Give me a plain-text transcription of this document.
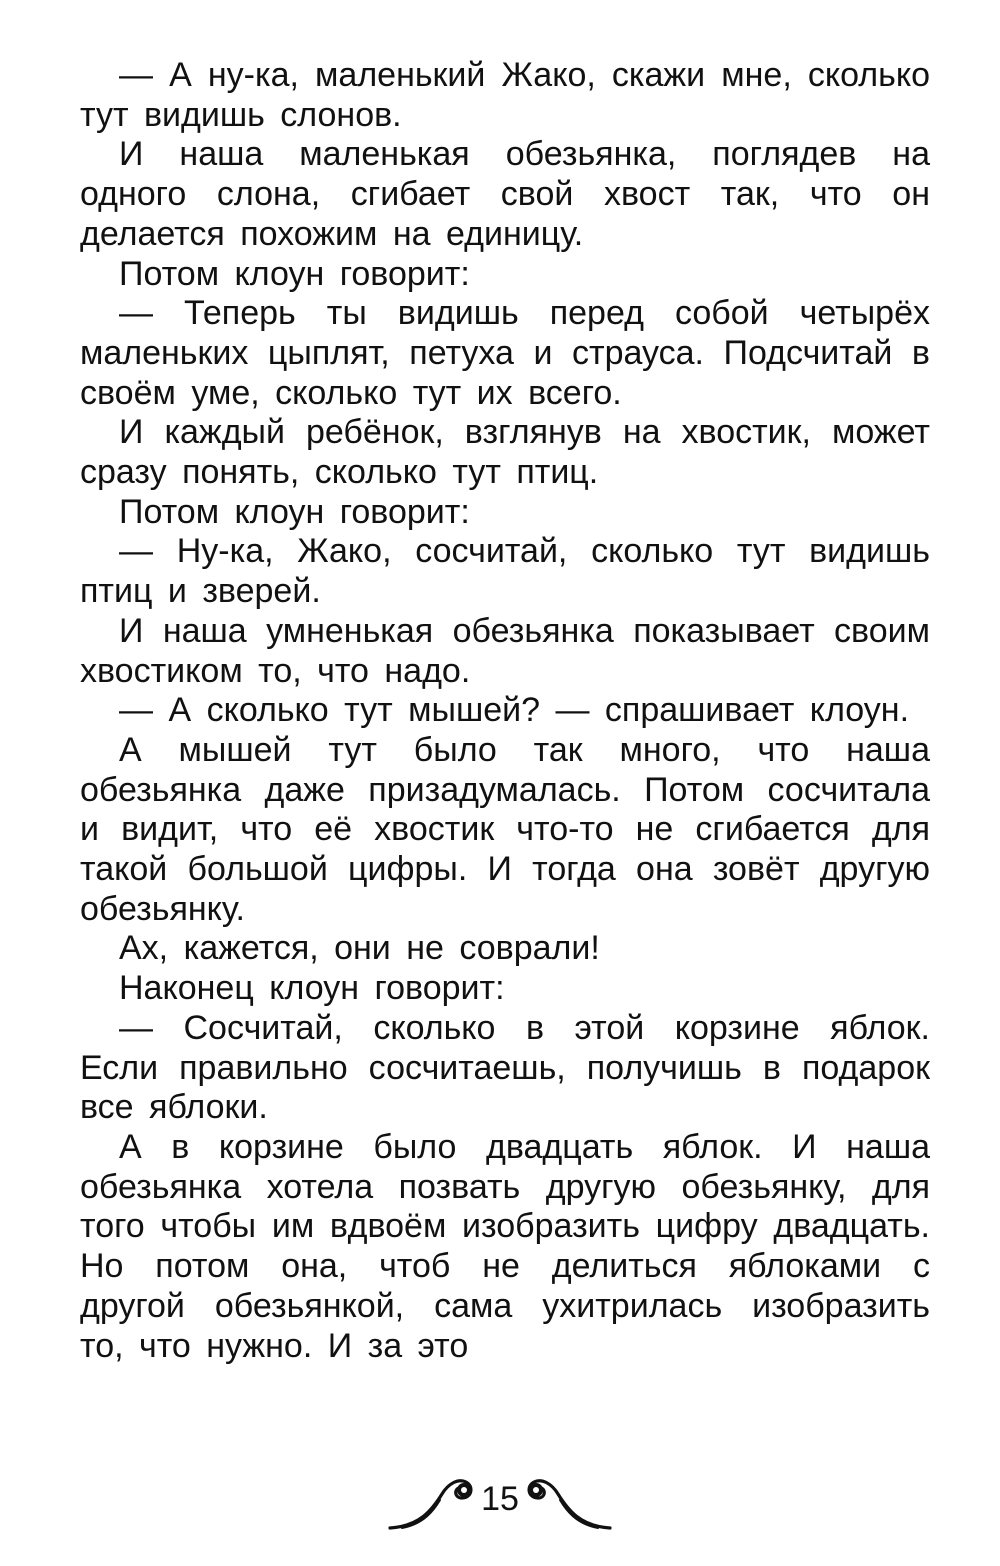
— А ну-ка, маленький Жако, скажи мне, сколько тут видишь слонов.

И наша маленькая обезьянка, поглядев на одного слона, сгибает свой хвост так, что он делается похожим на единицу.

Потом клоун говорит:

— Теперь ты видишь перед собой четырёх маленьких цыплят, петуха и страуса. Подсчитай в своём уме, сколько тут их всего.

И каждый ребёнок, взглянув на хвостик, может сразу понять, сколько тут птиц.

Потом клоун говорит:

— Ну-ка, Жако, сосчитай, сколько тут видишь птиц и зверей.

И наша умненькая обезьянка показывает своим хвостиком то, что надо.

— А сколько тут мышей? — спрашивает клоун.

А мышей тут было так много, что наша обезьянка даже призадумалась. Потом сосчитала и видит, что её хвостик что-то не сгибается для такой большой цифры. И тогда она зовёт другую обезьянку.

Ах, кажется, они не соврали!

Наконец клоун говорит:

— Сосчитай, сколько в этой корзине яблок. Если правильно сосчитаешь, получишь в подарок все яблоки.

А в корзине было двадцать яблок. И наша обезьянка хотела позвать другую обезьянку, для того чтобы им вдвоём изобразить цифру двадцать. Но потом она, чтоб не делиться яблоками с другой обезьянкой, сама ухитрилась изобразить то, что нужно. И за это

15
